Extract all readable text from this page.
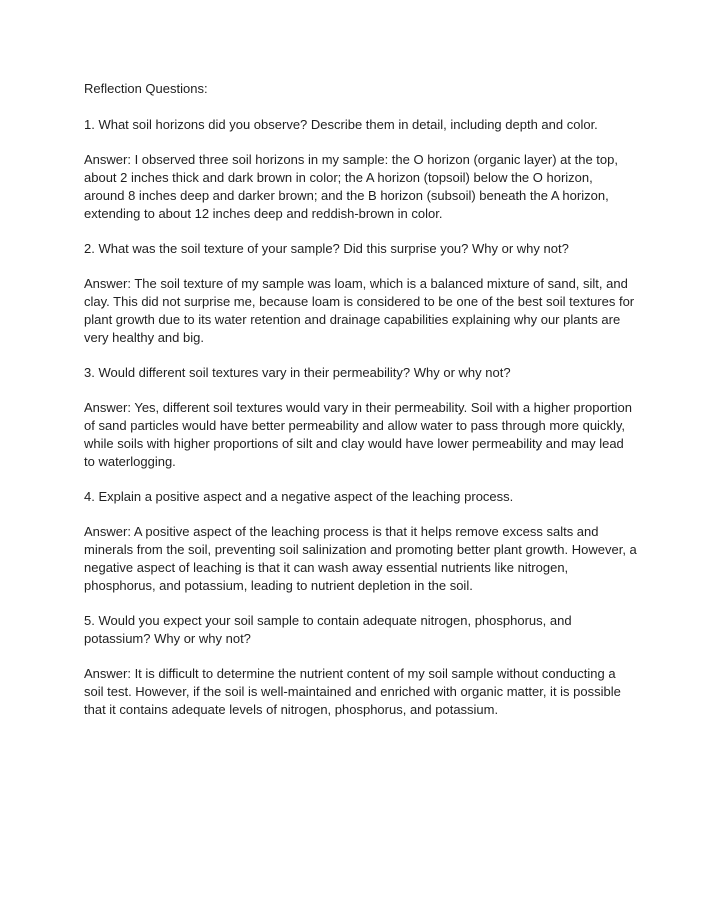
Reflection Questions:

1. What soil horizons did you observe? Describe them in detail, including depth and color.

Answer: I observed three soil horizons in my sample: the O horizon (organic layer) at the top,
about 2 inches thick and dark brown in color; the A horizon (topsoil) below the O horizon,
around 8 inches deep and darker brown; and the B horizon (subsoil) beneath the A horizon,
extending to about 12 inches deep and reddish-brown in color.

2. What was the soil texture of your sample? Did this surprise you? Why or why not?

Answer: The soil texture of my sample was loam, which is a balanced mixture of sand, silt, and
clay. This did not surprise me, because loam is considered to be one of the best soil textures for
plant growth due to its water retention and drainage capabilities explaining why our plants are
very healthy and big.

3. Would different soil textures vary in their permeability? Why or why not?

Answer: Yes, different soil textures would vary in their permeability. Soil with a higher proportion
of sand particles would have better permeability and allow water to pass through more quickly,
while soils with higher proportions of silt and clay would have lower permeability and may lead
to waterlogging.

4. Explain a positive aspect and a negative aspect of the leaching process.

Answer: A positive aspect of the leaching process is that it helps remove excess salts and
minerals from the soil, preventing soil salinization and promoting better plant growth. However, a
negative aspect of leaching is that it can wash away essential nutrients like nitrogen,
phosphorus, and potassium, leading to nutrient depletion in the soil.

5. Would you expect your soil sample to contain adequate nitrogen, phosphorus, and
potassium? Why or why not?

Answer: It is difficult to determine the nutrient content of my soil sample without conducting a
soil test. However, if the soil is well-maintained and enriched with organic matter, it is possible
that it contains adequate levels of nitrogen, phosphorus, and potassium.
